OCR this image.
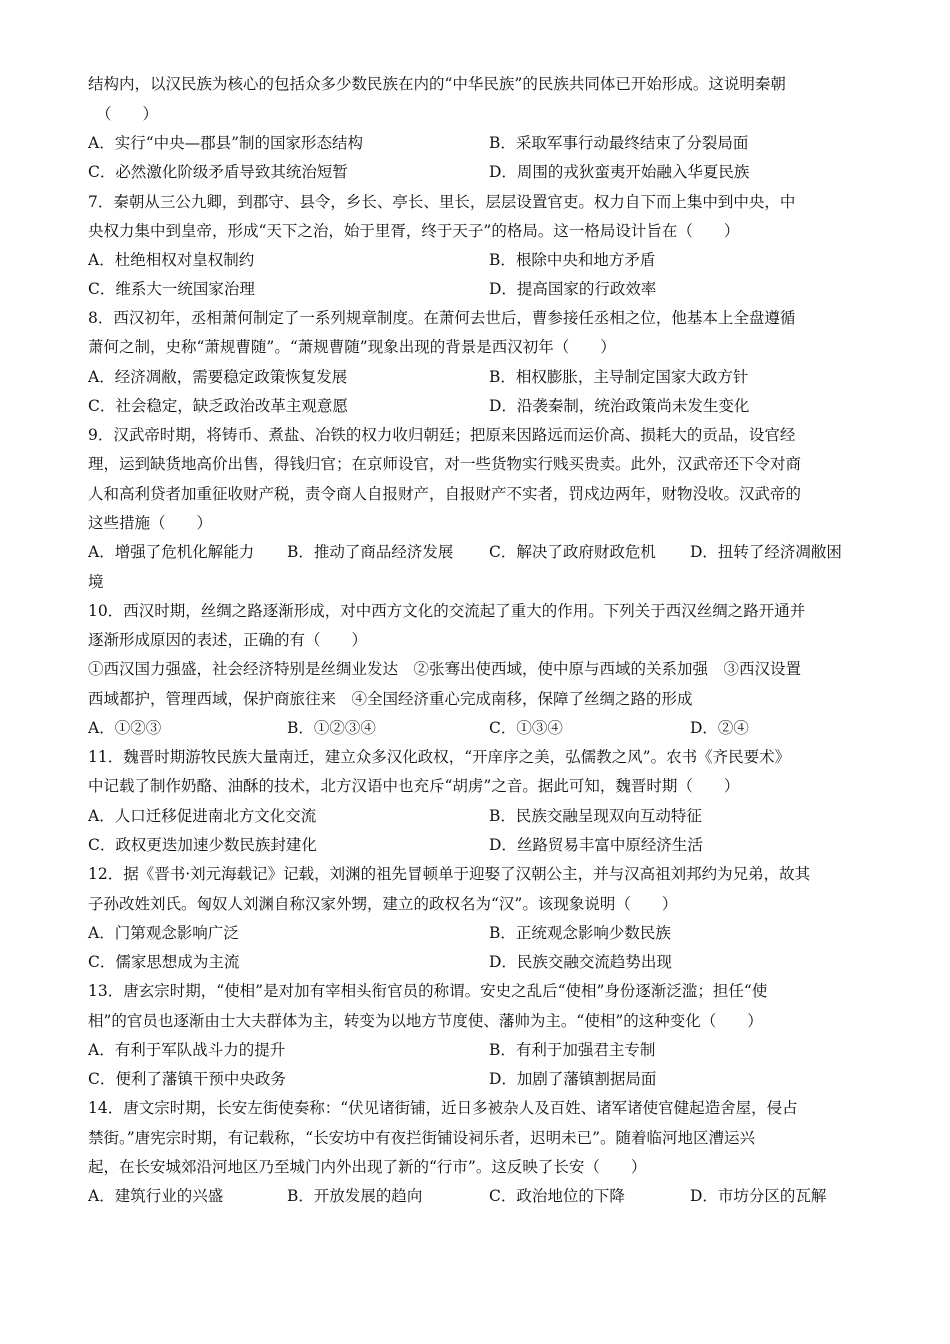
结构内，以汉民族为核心的包括众多少数民族在内的“中华民族”的民族共同体已开始形成。这说明秦朝
（　　）
A．实行“中央—郡县”制的国家形态结构	B．采取军事行动最终结束了分裂局面
C．必然激化阶级矛盾导致其统治短暂	D．周围的戎狄蛮夷开始融入华夏民族
7．秦朝从三公九卿，到郡守、县令，乡长、亭长、里长，层层设置官吏。权力自下而上集中到中央，中
央权力集中到皇帝，形成“天下之治，始于里胥，终于天子”的格局。这一格局设计旨在（　　）
A．杜绝相权对皇权制约	B．根除中央和地方矛盾
C．维系大一统国家治理	D．提高国家的行政效率
8．西汉初年，丞相萧何制定了一系列规章制度。在萧何去世后，曹参接任丞相之位，他基本上全盘遵循
萧何之制，史称“萧规曹随”。“萧规曹随”现象出现的背景是西汉初年（　　）
A．经济凋敝，需要稳定政策恢复发展	B．相权膨胀，主导制定国家大政方针
C．社会稳定，缺乏政治改革主观意愿	D．沿袭秦制，统治政策尚未发生变化
9．汉武帝时期，将铸币、煮盐、冶铁的权力收归朝廷；把原来因路远而运价高、损耗大的贡品，设官经
理，运到缺货地高价出售，得钱归官；在京师设官，对一些货物实行贱买贵卖。此外，汉武帝还下令对商
人和高利贷者加重征收财产税，责令商人自报财产，自报财产不实者，罚戍边两年，财物没收。汉武帝的
这些措施（　　）
A．增强了危机化解能力 B．推动了商品经济发展 C．解决了政府财政危机 D．扭转了经济凋敝困
境
10．西汉时期，丝绸之路逐渐形成，对中西方文化的交流起了重大的作用。下列关于西汉丝绸之路开通并
逐渐形成原因的表述，正确的有（　　）
①西汉国力强盛，社会经济特别是丝绸业发达　②张骞出使西域，使中原与西域的关系加强　③西汉设置
西域都护，管理西域，保护商旅往来　④全国经济重心完成南移，保障了丝绸之路的形成
A．①②③	B．①②③④	C．①③④	D．②④
11．魏晋时期游牧民族大量南迁，建立众多汉化政权，“开庠序之美，弘儒教之风”。农书《齐民要术》
中记载了制作奶酪、油酥的技术，北方汉语中也充斥“胡虏”之音。据此可知，魏晋时期（　　）
A．人口迁移促进南北方文化交流	B．民族交融呈现双向互动特征
C．政权更迭加速少数民族封建化	D．丝路贸易丰富中原经济生活
12．据《晋书·刘元海载记》记载，刘渊的祖先冒顿单于迎娶了汉朝公主，并与汉高祖刘邦约为兄弟，故其
子孙改姓刘氏。匈奴人刘渊自称汉家外甥，建立的政权名为“汉”。该现象说明（　　）
A．门第观念影响广泛	B．正统观念影响少数民族
C．儒家思想成为主流	D．民族交融交流趋势出现
13．唐玄宗时期，“使相”是对加有宰相头衔官员的称谓。安史之乱后“使相”身份逐渐泛滥；担任“使
相”的官员也逐渐由士大夫群体为主，转变为以地方节度使、藩帅为主。“使相”的这种变化（　　）
A．有利于军队战斗力的提升	B．有利于加强君主专制
C．便利了藩镇干预中央政务	D．加剧了藩镇割据局面
14．唐文宗时期，长安左街使奏称：“伏见诸街铺，近日多被杂人及百姓、诸军诸使官健起造舍屋，侵占
禁街。”唐宪宗时期，有记载称，“长安坊中有夜拦街铺设祠乐者，迟明未已”。随着临河地区漕运兴
起，在长安城郊沿河地区乃至城门内外出现了新的“行市”。这反映了长安（　　）
A．建筑行业的兴盛	B．开放发展的趋向	C．政治地位的下降	D．市坊分区的瓦解
